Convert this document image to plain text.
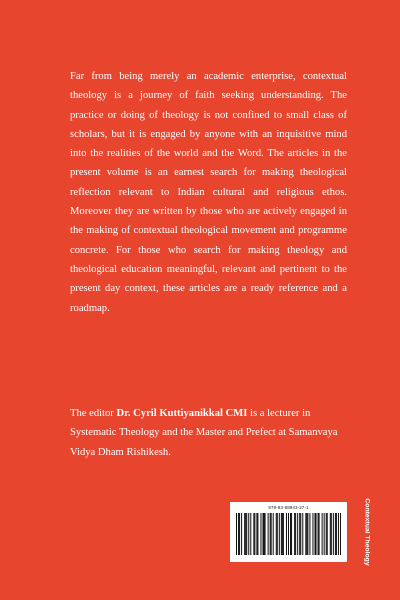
Far from being merely an academic enterprise, contextual theology is a journey of faith seeking understanding. The practice or doing of theology is not confined to small class of scholars, but it is engaged by anyone with an inquisitive mind into the realities of the world and the Word. The articles in the present volume is an earnest search for making theological reflection relevant to Indian cultural and religious ethos. Moreover they are written by those who are actively engaged in the making of contextual theological movement and programme concrete. For those who search for making theology and theological education meaningful, relevant and pertinent to the present day context, these articles are a ready reference and a roadmap.

The editor Dr. Cyril Kuttiyanikkal CMI is a lecturer in Systematic Theology and the Master and Prefect at Samanvaya Vidya Dham Rishikesh.

978-93-88943-27-1	Contextual Theology
